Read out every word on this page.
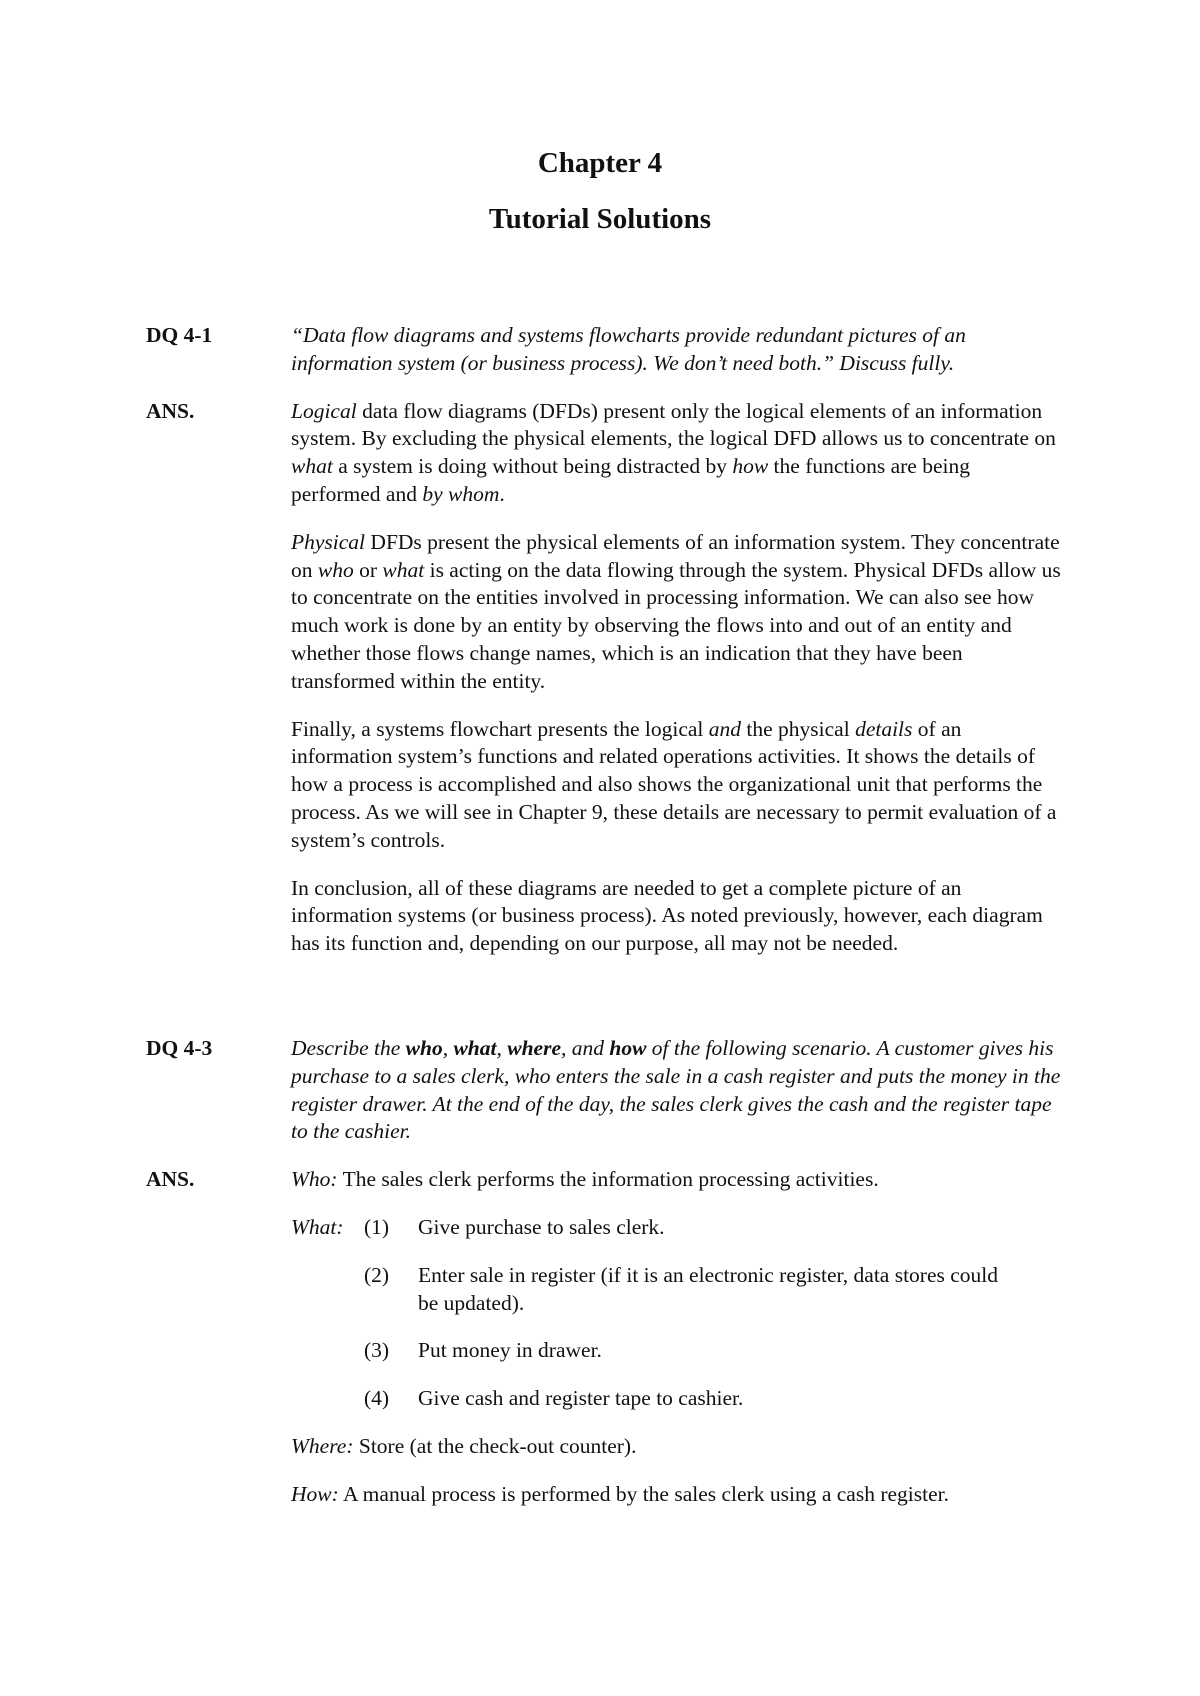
Chapter 4
Tutorial Solutions
DQ 4-1	“Data flow diagrams and systems flowcharts provide redundant pictures of an information system (or business process). We don’t need both.” Discuss fully.
ANS.	Logical data flow diagrams (DFDs) present only the logical elements of an information system. By excluding the physical elements, the logical DFD allows us to concentrate on what a system is doing without being distracted by how the functions are being performed and by whom.

Physical DFDs present the physical elements of an information system. They concentrate on who or what is acting on the data flowing through the system. Physical DFDs allow us to concentrate on the entities involved in processing information. We can also see how much work is done by an entity by observing the flows into and out of an entity and whether those flows change names, which is an indication that they have been transformed within the entity.

Finally, a systems flowchart presents the logical and the physical details of an information system’s functions and related operations activities. It shows the details of how a process is accomplished and also shows the organizational unit that performs the process. As we will see in Chapter 9, these details are necessary to permit evaluation of a system’s controls.

In conclusion, all of these diagrams are needed to get a complete picture of an information systems (or business process). As noted previously, however, each diagram has its function and, depending on our purpose, all may not be needed.

DQ 4-3	Describe the who, what, where, and how of the following scenario. A customer gives his purchase to a sales clerk, who enters the sale in a cash register and puts the money in the register drawer. At the end of the day, the sales clerk gives the cash and the register tape to the cashier.
ANS.	Who: The sales clerk performs the information processing activities.

What: (1)	Give purchase to sales clerk.
(2)	Enter sale in register (if it is an electronic register, data stores could be updated).
(3)	Put money in drawer.
(4)	Give cash and register tape to cashier.

Where: Store (at the check-out counter).

How: A manual process is performed by the sales clerk using a cash register.
